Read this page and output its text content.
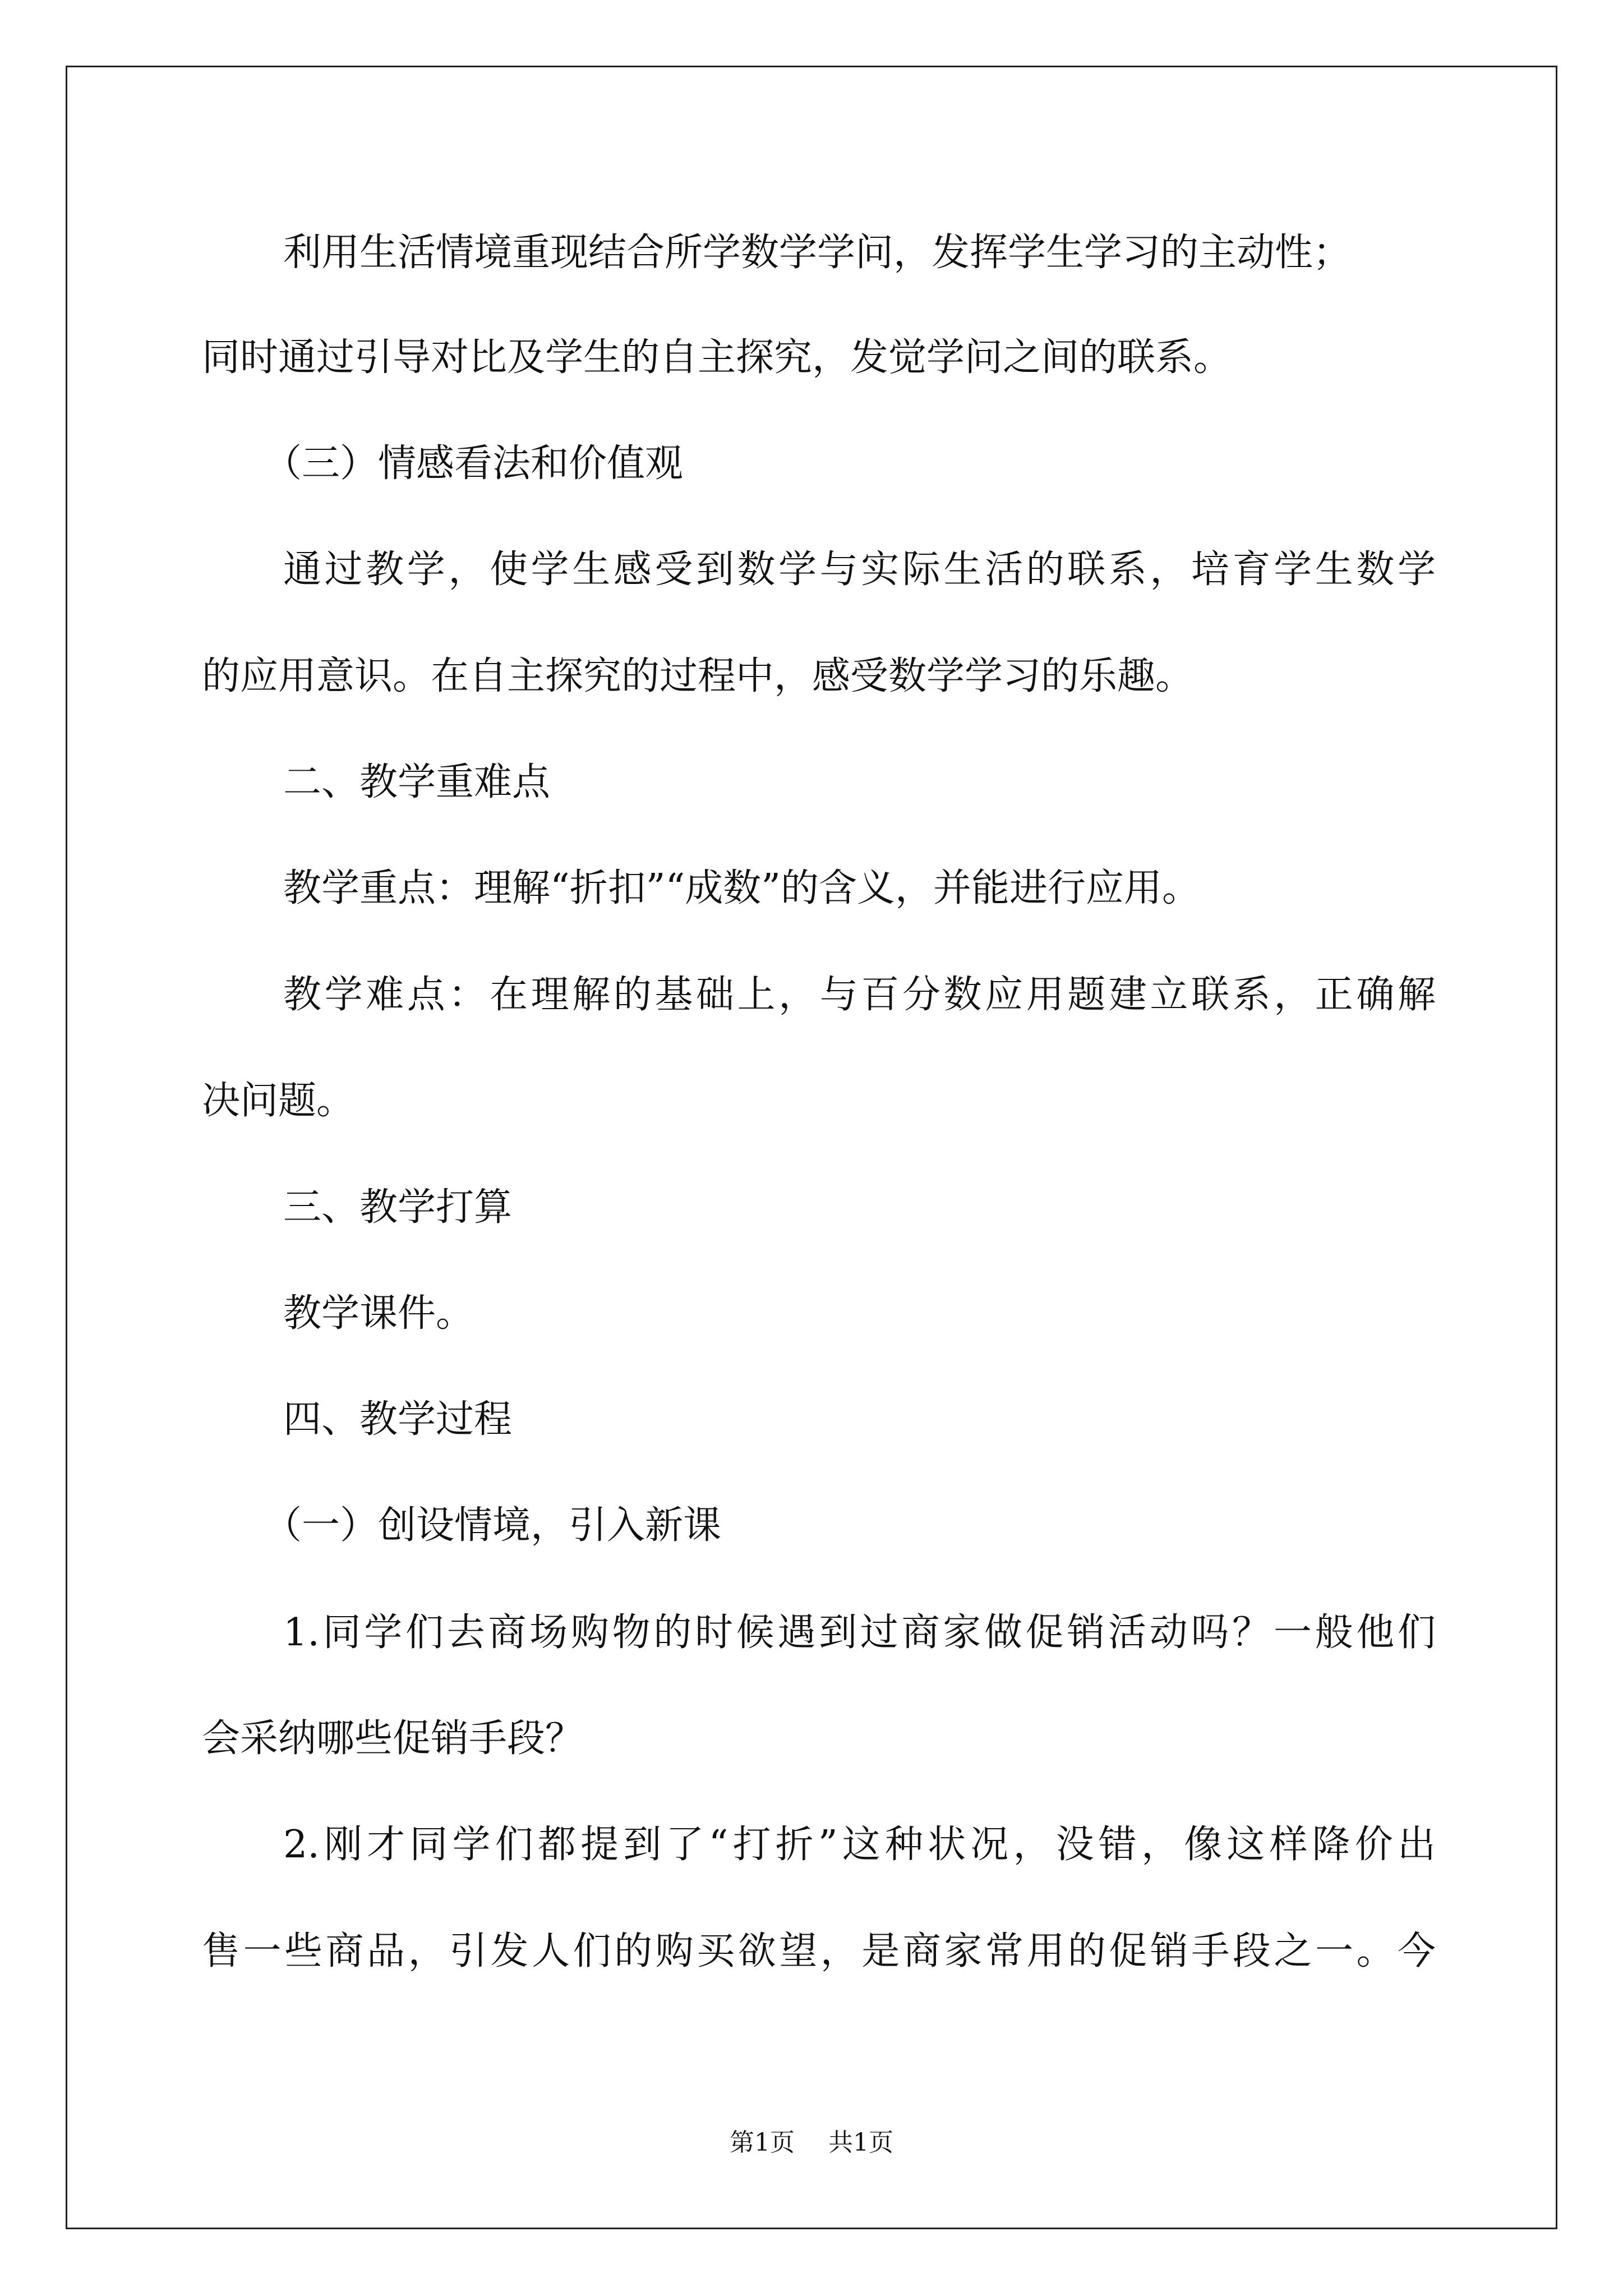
利用生活情境重现结合所学数学学问，发挥学生学习的主动性；
同时通过引导对比及学生的自主探究，发觉学问之间的联系。
（三）情感看法和价值观
通过教学，使学生感受到数学与实际生活的联系，培育学生数学
的应用意识。在自主探究的过程中，感受数学学习的乐趣。
二、教学重难点
教学重点：理解“折扣”“成数”的含义，并能进行应用。
教学难点：在理解的基础上，与百分数应用题建立联系，正确解
决问题。
三、教学打算
教学课件。
四、教学过程
（一）创设情境，引入新课
1.同学们去商场购物的时候遇到过商家做促销活动吗？一般他们
会采纳哪些促销手段？
2.刚才同学们都提到了“打折”这种状况，没错，像这样降价出
售一些商品，引发人们的购买欲望，是商家常用的促销手段之一。今
第1页 共1页
